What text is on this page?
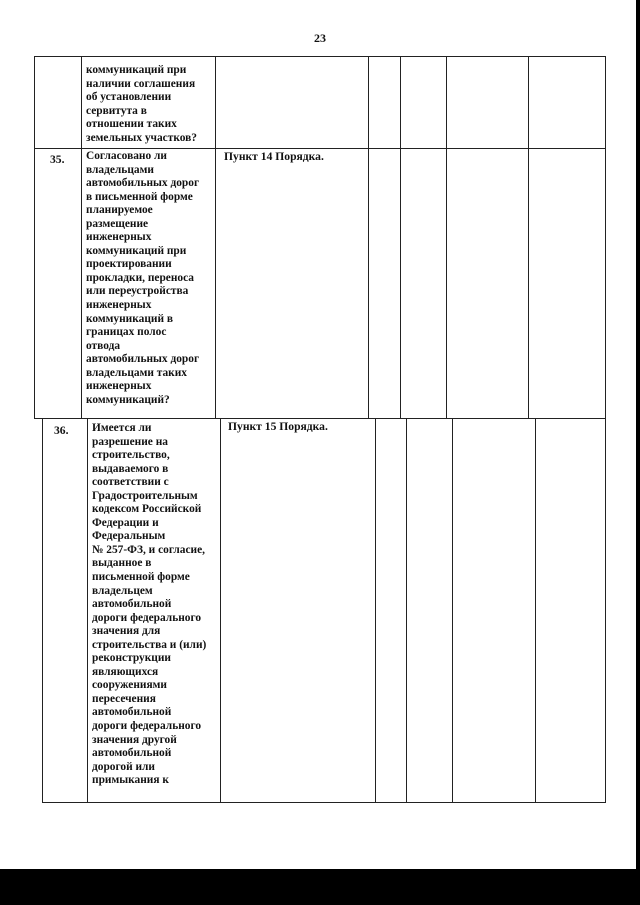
23
коммуникаций при
наличии соглашения
об установлении
сервитута в
отношении таких
земельных участков?
35. Согласовано ли
владельцами
автомобильных дорог
в письменной форме
планируемое
размещение
инженерных
коммуникаций при
проектировании
прокладки, переноса
или переустройства
инженерных
коммуникаций в
границах полос
отвода
автомобильных дорог
владельцами таких
инженерных
коммуникаций?
Пункт 14 Порядка.
36. Имеется ли
разрешение на
строительство,
выдаваемого в
соответствии с
Градостроительным
кодексом Российской
Федерации и
Федеральным
№ 257-ФЗ, и согласие,
выданное в
письменной форме
владельцем
автомобильной
дороги федерального
значения для
строительства и (или)
реконструкции
являющихся
сооружениями
пересечения
автомобильной
дороги федерального
значения другой
автомобильной
дорогой или
примыкания к
Пункт 15 Порядка.
